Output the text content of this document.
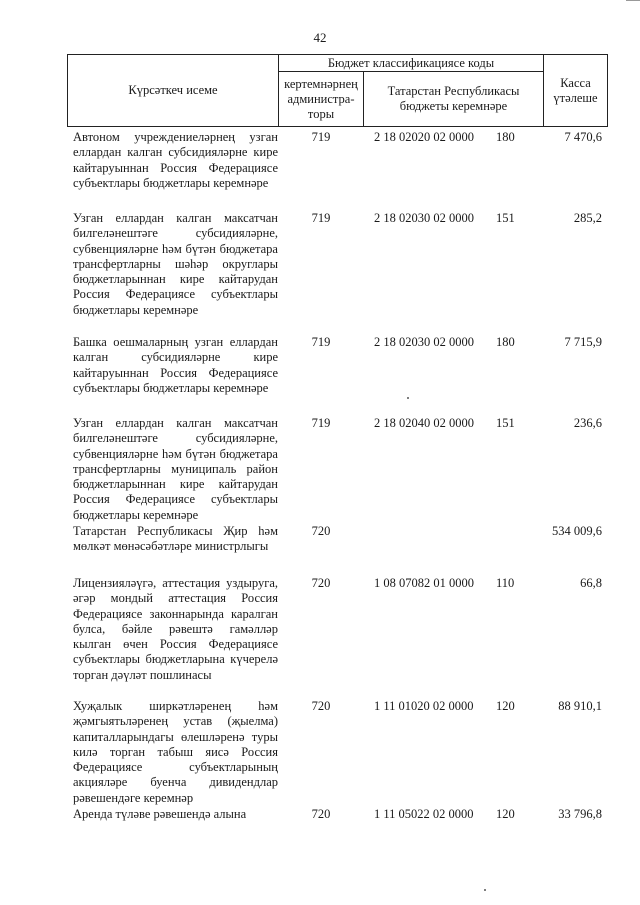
42
Күрсәткеч исеме
Бюджет классификациясе коды
кертемнәрнең администра-торы
Татарстан Республикасы бюджеты керемнәре
Касса үтәлеше
Автоном учреждениеләрнең узган еллардан калган субсидияләрне кире кайтаруыннан Россия Федерациясе субъектлары бюджетлары керемнәре
719	2 18 02020 02 0000 180	7 470,6
Узган еллардан калган максатчан билгеләнештәге субсидияләрне, субвенцияләрне һәм бүтән бюджетара трансфертларны шәһәр округлары бюджетларыннан кире кайтарудан Россия Федерациясе субъектлары бюджетлары керемнәре
719	2 18 02030 02 0000 151	285,2
Башка оешмаларның узган еллардан калган субсидияләрне кире кайтаруыннан Россия Федерациясе субъектлары бюджетлары керемнәре
719	2 18 02030 02 0000 180	7 715,9
Узган еллардан калган максатчан билгеләнештәге субсидияләрне, субвенцияләрне һәм бүтән бюджетара трансфертларны муниципаль район бюджетларыннан кире кайтарудан Россия Федерациясе субъектлары бюджетлары керемнәре
719	2 18 02040 02 0000 151	236,6
Татарстан Республикасы Җир һәм мөлкәт мөнәсәбәтләре министрлыгы
720	534 009,6
Лицензияләүгә, аттестация уздыруга, әгәр мондый аттестация Россия Федерациясе законнарында каралган булса, бәйле рәвештә гамәлләр кылган өчен Россия Федерациясе субъектлары бюджетларына күчерелә торган дәүләт пошлинасы
720	1 08 07082 01 0000 110	66,8
Хуҗалык ширкәтләренең һәм җәмгыятьләренең устав (җыелма) капиталларындагы өлешләренә туры килә торган табыш яисә Россия Федерациясе субъектларының акцияләре буенча дивидендлар рәвешендәге керемнәр
720	1 11 01020 02 0000 120	88 910,1
Аренда түләве рәвешендә алына	720	1 11 05022 02 0000 120	33 796,8
